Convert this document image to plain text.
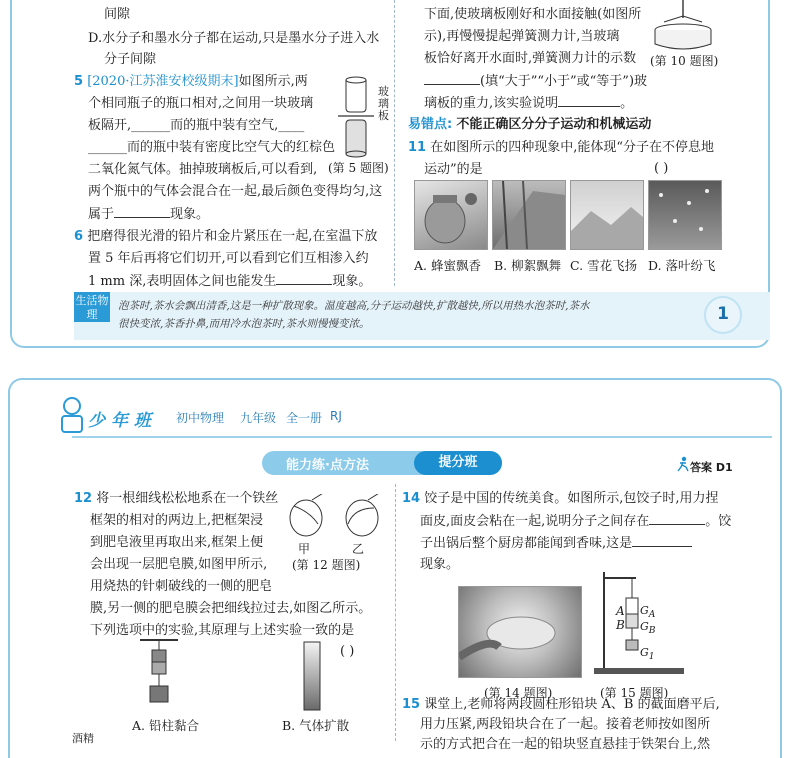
间隙
D.水分子和墨水分子都在运动,只是墨水分子进入水
分子间隙
5 [2020·江苏淮安校级期末]如图所示,两
个相同瓶子的瓶口相对,之间用一块玻璃
板隔开,______而的瓶中装有空气,____
______而的瓶中装有密度比空气大的红棕色
二氧化氮气体。抽掉玻璃板后,可以看到,
两个瓶中的气体会混合在一起,最后颜色变得均匀,这
属于	现象。
玻璃板
(第 5 题图)
6 把磨得很光滑的铅片和金片紧压在一起,在室温下放
置 5 年后再将它们切开,可以看到它们互相渗入约
1 mm 深,表明固体之间也能发生	现象。
下面,使玻璃板刚好和水面接触(如图所
示),再慢慢提起弹簧测力计,当玻璃
板恰好离开水面时,弹簧测力计的示数
(填“大于”“小于”或“等于”)玻
璃板的重力,该实验说明	。
(第 10 题图)
易错点: 不能正确区分分子运动和机械运动
11 在如图所示的四种现象中,能体现“分子在不停息地
运动”的是	( )
A. 蜂蜜飘香 B. 柳絮飘舞 C. 雪花飞扬 D. 落叶纷飞
生活物理
泡茶时,茶水会飘出清香,这是一种扩散现象。温度越高,分子运动越快,扩散越快,所以用热水泡茶时,茶水
很快变浓,茶香扑鼻,而用冷水泡茶时,茶水则慢慢变浓。	1
少年班 初中物理 九年级 全一册 RJ
能力练·点方法	提分班	答案 D1
12 将一根细线松松地系在一个铁丝
框架的相对的两边上,把框架浸
到肥皂液里再取出来,框架上便
会出现一层肥皂膜,如图甲所示,
用烧热的针刺破线的一侧的肥皂
膜,另一侧的肥皂膜会把细线拉过去,如图乙所示。
下列选项中的实验,其原理与上述实验一致的是
( )
甲	乙
(第 12 题图)
A. 铅柱黏合	B. 气体扩散
酒精
14 饺子是中国的传统美食。如图所示,包饺子时,用力捏
面皮,面皮会粘在一起,说明分子之间存在	。饺
子出锅后整个厨房都能闻到香味,这是
现象。
(第 14 题图)
A
B
$G_A$
$G_B$
$G_1$
(第 15 题图)
15 课堂上,老师将两段圆柱形铅块 A、B 的截面磨平后,
用力压紧,两段铅块合在了一起。接着老师按如图所
示的方式把合在一起的铅块竖直悬挂于铁架台上,然
